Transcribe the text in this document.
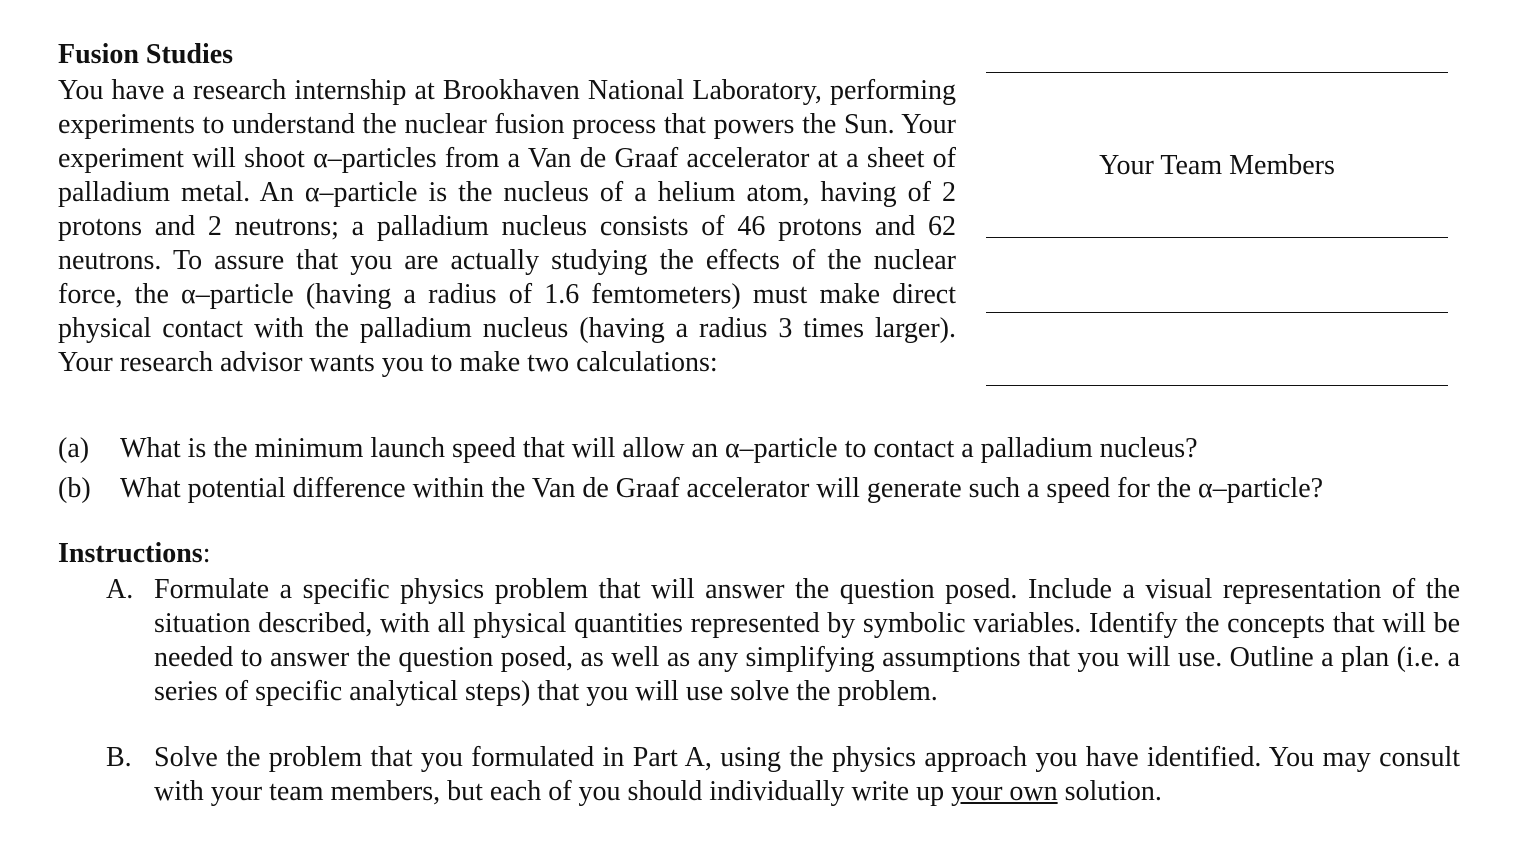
Fusion Studies

You have a research internship at Brookhaven National Laboratory, performing experiments to understand the nuclear fusion process that powers the Sun. Your experiment will shoot α–particles from a Van de Graaf accelerator at a sheet of palladium metal. An α–particle is the nucleus of a helium atom, having of 2 protons and 2 neutrons; a palladium nucleus consists of 46 protons and 62 neutrons. To assure that you are actually studying the effects of the nuclear force, the α–particle (having a radius of 1.6 femtometers) must make direct physical contact with the palladium nucleus (having a radius 3 times larger). Your research advisor wants you to make two calculations:

Your Team Members
(a) What is the minimum launch speed that will allow an α–particle to contact a palladium nucleus?
(b) What potential difference within the Van de Graaf accelerator will generate such a speed for the α–particle?
Instructions:
A. Formulate a specific physics problem that will answer the question posed. Include a visual representation of the situation described, with all physical quantities represented by symbolic variables. Identify the concepts that will be needed to answer the question posed, as well as any simplifying assumptions that you will use. Outline a plan (i.e. a series of specific analytical steps) that you will use solve the problem.
B. Solve the problem that you formulated in Part A, using the physics approach you have identified. You may consult with your team members, but each of you should individually write up your own solution.
